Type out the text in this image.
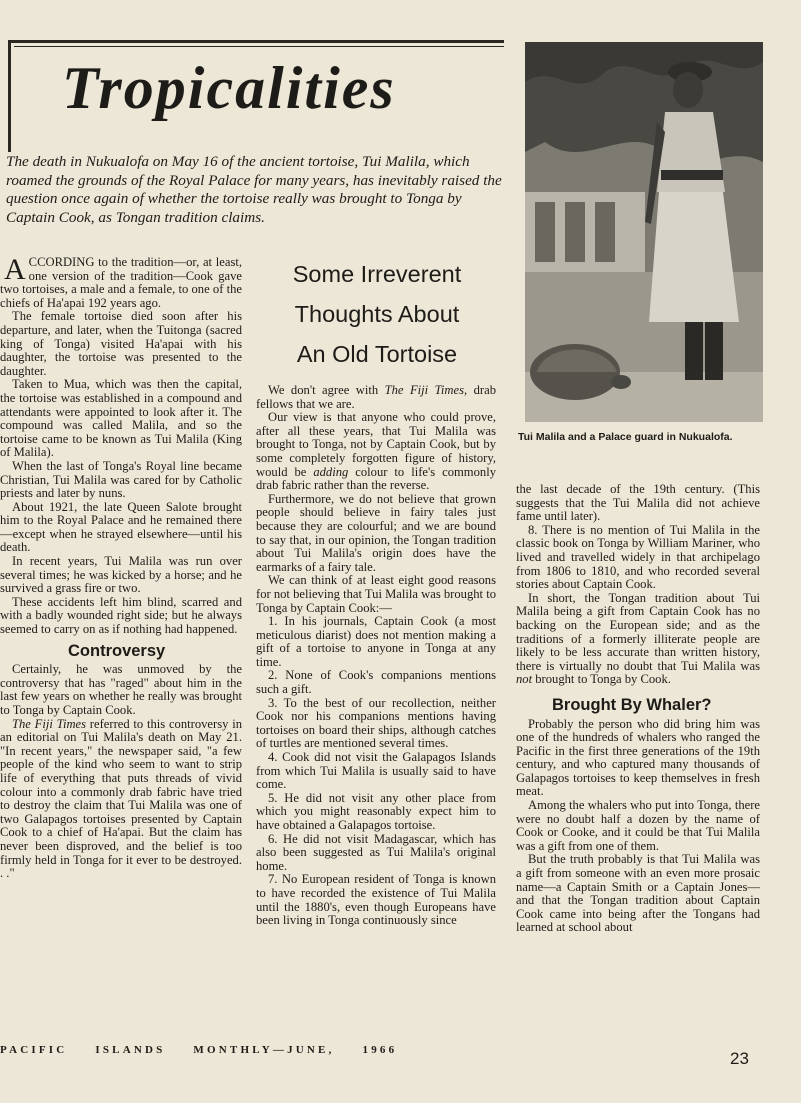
Tropicalities
The death in Nukualofa on May 16 of the ancient tortoise, Tui Malila, which roamed the grounds of the Royal Palace for many years, has inevitably raised the question once again of whether the tortoise really was brought to Tonga by Captain Cook, as Tongan tradition claims.
Tui Malila and a Palace guard in Nukualofa.
Some Irreverent
Thoughts About
An Old Tortoise

ACCORDING to the tradition—or, at least, one version of the tradition—Cook gave two tortoises, a male and a female, to one of the chiefs of Ha'apai 192 years ago.

The female tortoise died soon after his departure, and later, when the Tuitonga (sacred king of Tonga) visited Ha'apai with his daughter, the tortoise was presented to the daughter.

Taken to Mua, which was then the capital, the tortoise was established in a compound and attendants were appointed to look after it. The compound was called Malila, and so the tortoise came to be known as Tui Malila (King of Malila).

When the last of Tonga's Royal line became Christian, Tui Malila was cared for by Catholic priests and later by nuns.

About 1921, the late Queen Salote brought him to the Royal Palace and he remained there—except when he strayed elsewhere—until his death.

In recent years, Tui Malila was run over several times; he was kicked by a horse; and he survived a grass fire or two.

These accidents left him blind, scarred and with a badly wounded right side; but he always seemed to carry on as if nothing had happened.

Controversy

Certainly, he was unmoved by the controversy that has "raged" about him in the last few years on whether he really was brought to Tonga by Captain Cook.

The Fiji Times referred to this controversy in an editorial on Tui Malila's death on May 21. "In recent years," the newspaper said, "a few people of the kind who seem to want to strip life of everything that puts threads of vivid colour into a commonly drab fabric have tried to destroy the claim that Tui Malila was one of two Galapagos tortoises presented by Captain Cook to a chief of Ha'apai. But the claim has never been disproved, and the belief is too firmly held in Tonga for it ever to be destroyed. . ."

We don't agree with The Fiji Times, drab fellows that we are.

Our view is that anyone who could prove, after all these years, that Tui Malila was brought to Tonga, not by Captain Cook, but by some completely forgotten figure of history, would be adding colour to life's commonly drab fabric rather than the reverse.

Furthermore, we do not believe that grown people should believe in fairy tales just because they are colourful; and we are bound to say that, in our opinion, the Tongan tradition about Tui Malila's origin does have the earmarks of a fairy tale.

We can think of at least eight good reasons for not believing that Tui Malila was brought to Tonga by Captain Cook:—

1. In his journals, Captain Cook (a most meticulous diarist) does not mention making a gift of a tortoise to anyone in Tonga at any time.

2. None of Cook's companions mentions such a gift.

3. To the best of our recollection, neither Cook nor his companions mentions having tortoises on board their ships, although catches of turtles are mentioned several times.

4. Cook did not visit the Galapagos Islands from which Tui Malila is usually said to have come.

5. He did not visit any other place from which you might reasonably expect him to have obtained a Galapagos tortoise.

6. He did not visit Madagascar, which has also been suggested as Tui Malila's original home.

7. No European resident of Tonga is known to have recorded the existence of Tui Malila until the 1880's, even though Europeans have been living in Tonga continuously since

the last decade of the 19th century. (This suggests that the Tui Malila did not achieve fame until later).

8. There is no mention of Tui Malila in the classic book on Tonga by William Mariner, who lived and travelled widely in that archipelago from 1806 to 1810, and who recorded several stories about Captain Cook.

In short, the Tongan tradition about Tui Malila being a gift from Captain Cook has no backing on the European side; and as the traditions of a formerly illiterate people are likely to be less accurate than written history, there is virtually no doubt that Tui Malila was not brought to Tonga by Cook.

Brought By Whaler?

Probably the person who did bring him was one of the hundreds of whalers who ranged the Pacific in the first three generations of the 19th century, and who captured many thousands of Galapagos tortoises to keep themselves in fresh meat.

Among the whalers who put into Tonga, there were no doubt half a dozen by the name of Cook or Cooke, and it could be that Tui Malila was a gift from one of them.

But the truth probably is that Tui Malila was a gift from someone with an even more prosaic name—a Captain Smith or a Captain Jones—and that the Tongan tradition about Captain Cook came into being after the Tongans had learned at school about

PACIFIC	ISLANDS	MONTHLY—JUNE,	1966	23
